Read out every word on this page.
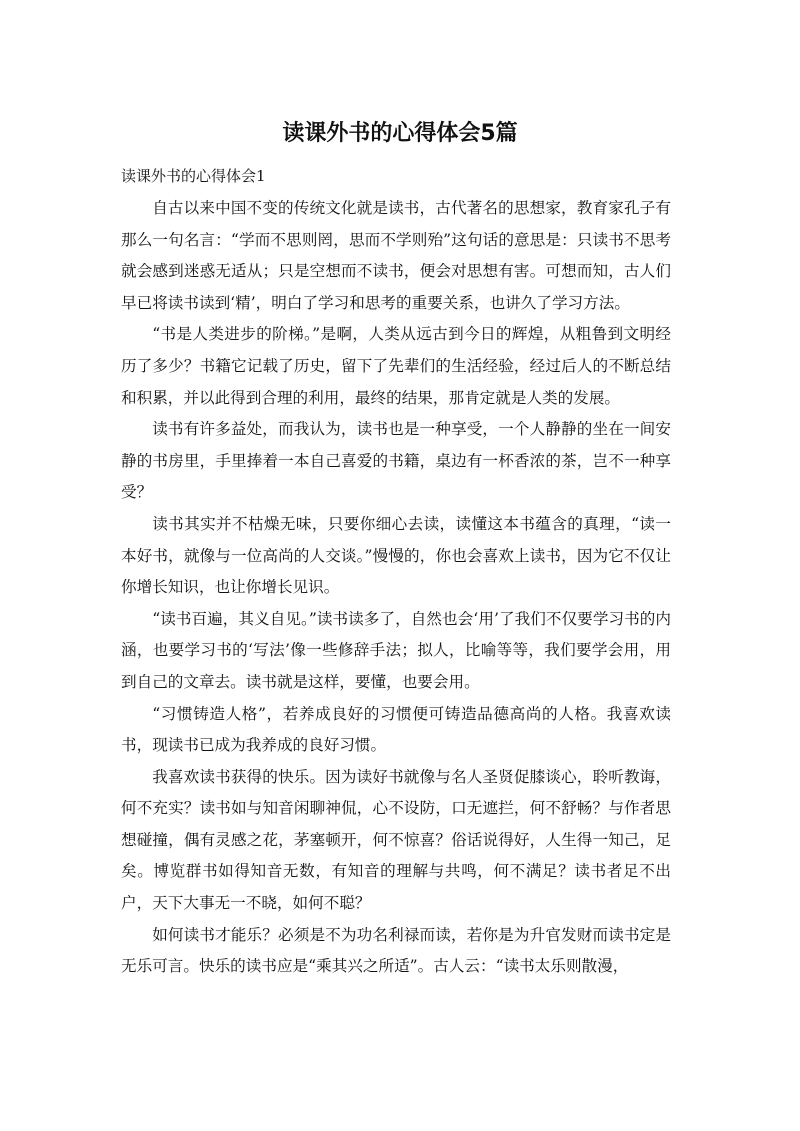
读课外书的心得体会5篇

读课外书的心得体会1

自古以来中国不变的传统文化就是读书，古代著名的思想家，教育家孔子有那么一句名言：“学而不思则罔，思而不学则殆”这句话的意思是：只读书不思考就会感到迷惑无适从；只是空想而不读书，便会对思想有害。可想而知，古人们早已将读书读到‘精’，明白了学习和思考的重要关系，也讲久了学习方法。

“书是人类进步的阶梯。”是啊，人类从远古到今日的辉煌，从粗鲁到文明经历了多少？书籍它记载了历史，留下了先辈们的生活经验，经过后人的不断总结和积累，并以此得到合理的利用，最终的结果，那肯定就是人类的发展。

读书有许多益处，而我认为，读书也是一种享受，一个人静静的坐在一间安静的书房里，手里捧着一本自己喜爱的书籍，桌边有一杯香浓的茶，岂不一种享受？

读书其实并不枯燥无味，只要你细心去读，读懂这本书蕴含的真理，“读一本好书，就像与一位高尚的人交谈。”慢慢的，你也会喜欢上读书，因为它不仅让你增长知识，也让你增长见识。

“读书百遍，其义自见。”读书读多了，自然也会‘用’了我们不仅要学习书的内涵，也要学习书的‘写法’像一些修辞手法；拟人，比喻等等，我们要学会用，用到自己的文章去。读书就是这样，要懂，也要会用。

“习惯铸造人格”，若养成良好的习惯便可铸造品德高尚的人格。我喜欢读书，现读书已成为我养成的良好习惯。

我喜欢读书获得的快乐。因为读好书就像与名人圣贤促膝谈心，聆听教诲，何不充实？读书如与知音闲聊神侃，心不设防，口无遮拦，何不舒畅？与作者思想碰撞，偶有灵感之花，茅塞顿开，何不惊喜？俗话说得好，人生得一知己，足矣。博览群书如得知音无数，有知音的理解与共鸣，何不满足？读书者足不出户，天下大事无一不晓，如何不聪？

如何读书才能乐？必须是不为功名利禄而读，若你是为升官发财而读书定是无乐可言。快乐的读书应是“乘其兴之所适”。古人云：“读书太乐则散漫，
